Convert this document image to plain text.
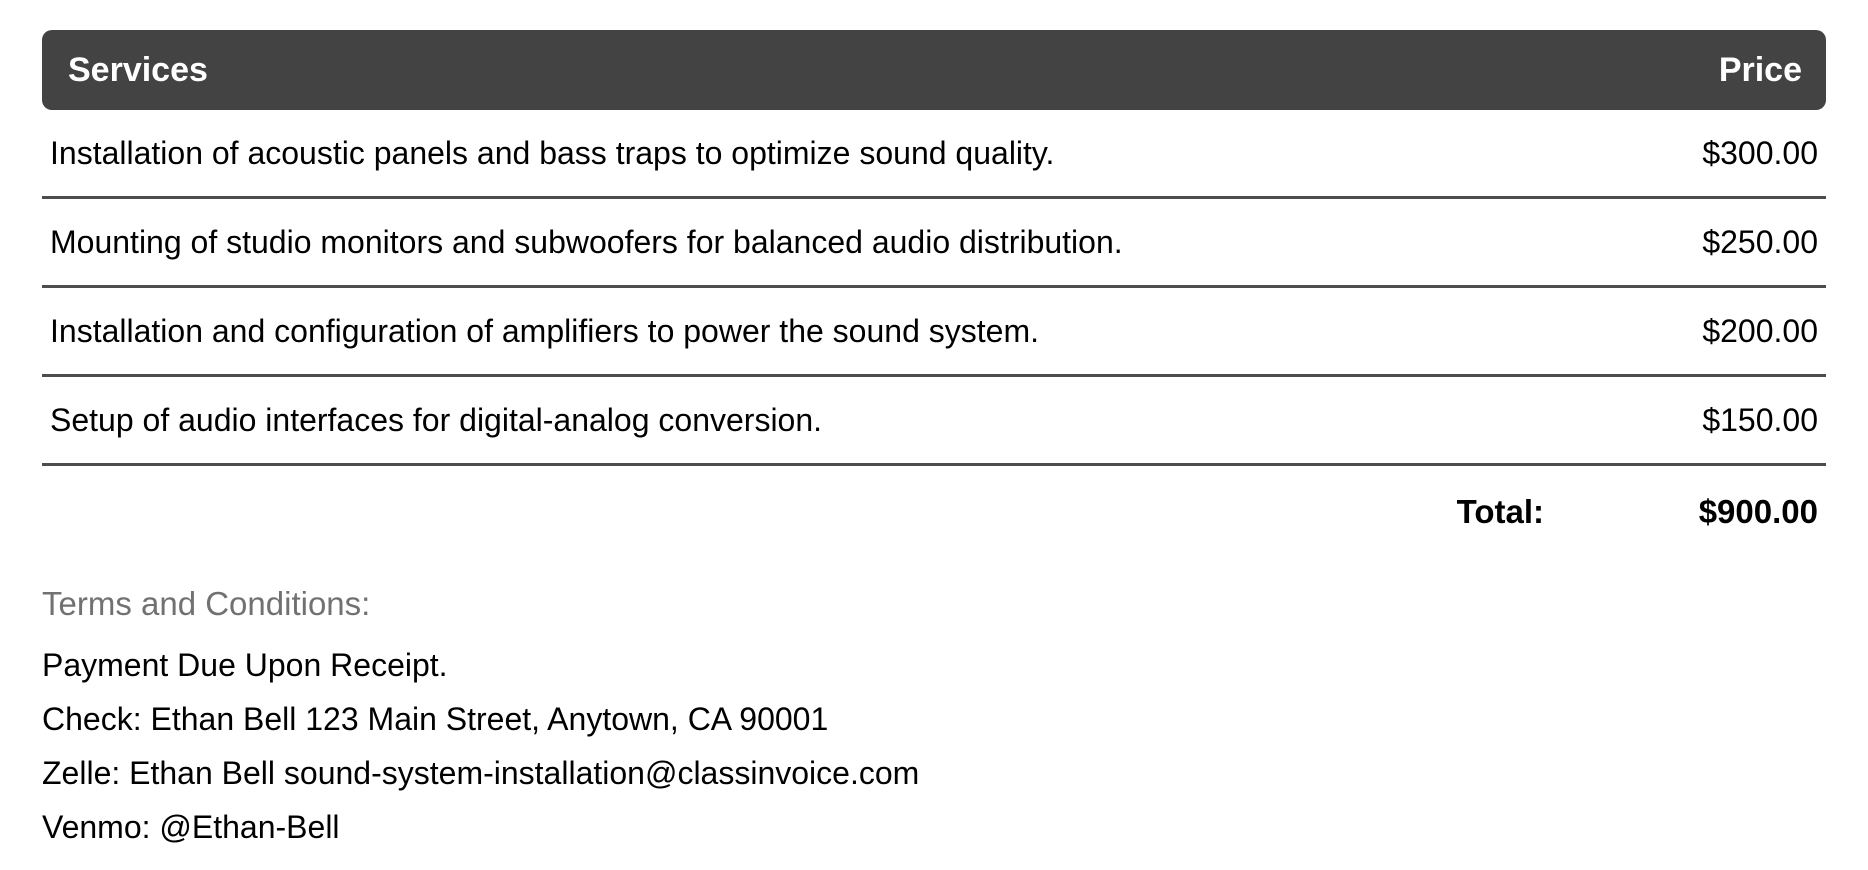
Services	Price
Installation of acoustic panels and bass traps to optimize sound quality.	$300.00
Mounting of studio monitors and subwoofers for balanced audio distribution.	$250.00
Installation and configuration of amplifiers to power the sound system.	$200.00
Setup of audio interfaces for digital-analog conversion.	$150.00
Total:	$900.00
Terms and Conditions:

Payment Due Upon Receipt.

Check: Ethan Bell 123 Main Street, Anytown, CA 90001

Zelle: Ethan Bell sound-system-installation@classinvoice.com

Venmo: @Ethan-Bell
